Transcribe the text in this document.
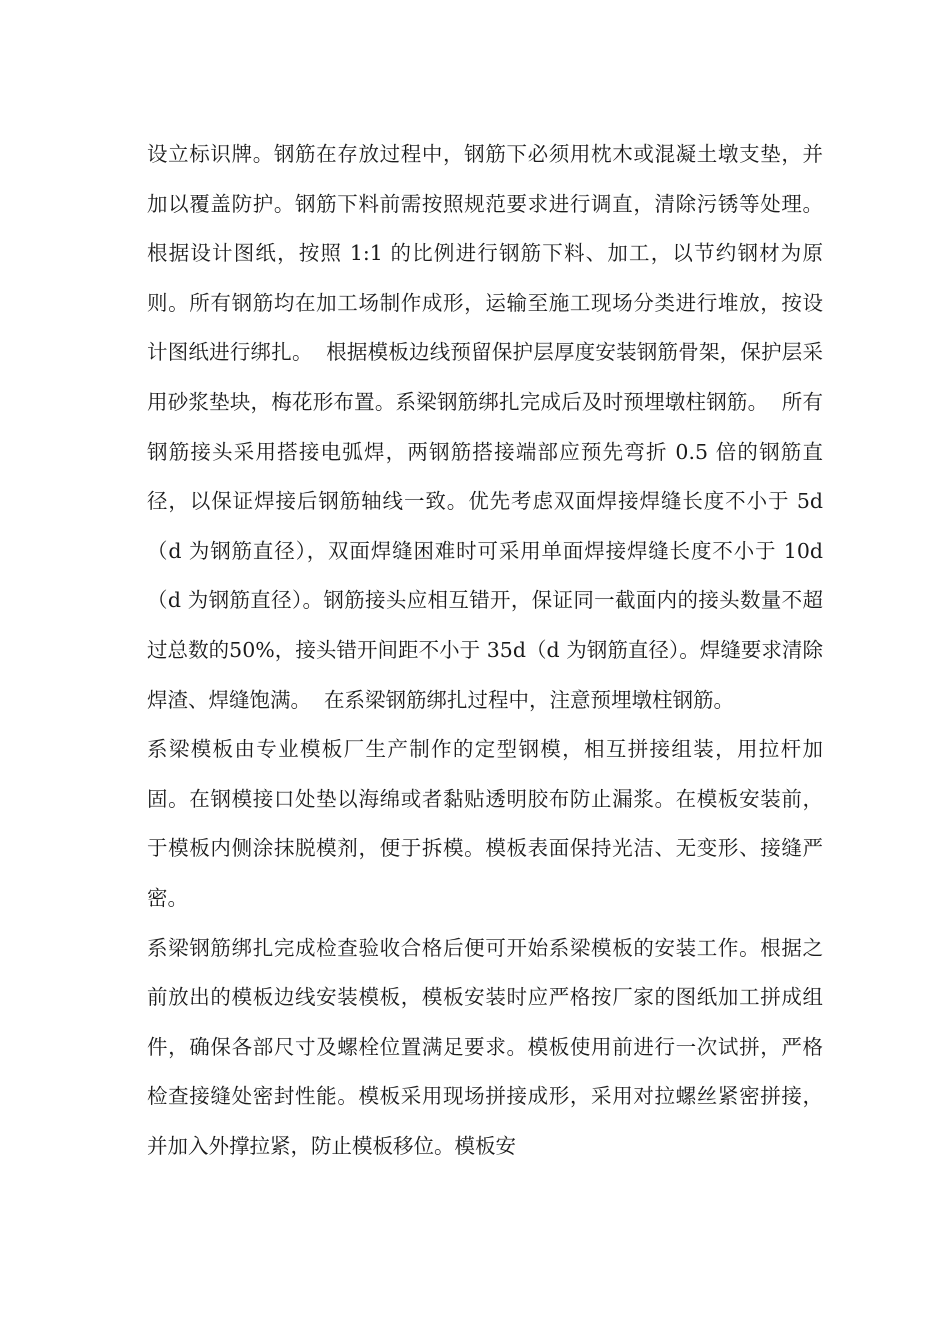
设立标识牌。钢筋在存放过程中，钢筋下必须用枕木或混凝土墩支垫，并加以覆盖防护。钢筋下料前需按照规范要求进行调直，清除污锈等处理。  根据设计图纸，按照 1:1 的比例进行钢筋下料、加工，以节约钢材为原则。所有钢筋均在加工场制作成形，运输至施工现场分类进行堆放，按设计图纸进行绑扎。  根据模板边线预留保护层厚度安装钢筋骨架，保护层采用砂浆垫块，梅花形布置。系梁钢筋绑扎完成后及时预埋墩柱钢筋。  所有钢筋接头采用搭接电弧焊，两钢筋搭接端部应预先弯折 0.5 倍的钢筋直径，以保证焊接后钢筋轴线一致。优先考虑双面焊接焊缝长度不小于 5d（d 为钢筋直径），双面焊缝困难时可采用单面焊接焊缝长度不小于 10d（d 为钢筋直径）。钢筋接头应相互错开，保证同一截面内的接头数量不超过总数的50%，接头错开间距不小于 35d（d 为钢筋直径）。焊缝要求清除焊渣、焊缝饱满。  在系梁钢筋绑扎过程中，注意预埋墩柱钢筋。

系梁模板由专业模板厂生产制作的定型钢模，相互拼接组装，用拉杆加固。在钢模接口处垫以海绵或者黏贴透明胶布防止漏浆。在模板安装前，于模板内侧涂抹脱模剂，便于拆模。模板表面保持光洁、无变形、接缝严密。

系梁钢筋绑扎完成检查验收合格后便可开始系梁模板的安装工作。根据之前放出的模板边线安装模板，模板安装时应严格按厂家的图纸加工拼成组件，确保各部尺寸及螺栓位置满足要求。模板使用前进行一次试拼，严格检查接缝处密封性能。模板采用现场拼接成形，采用对拉螺丝紧密拼接，并加入外撑拉紧，防止模板移位。模板安
